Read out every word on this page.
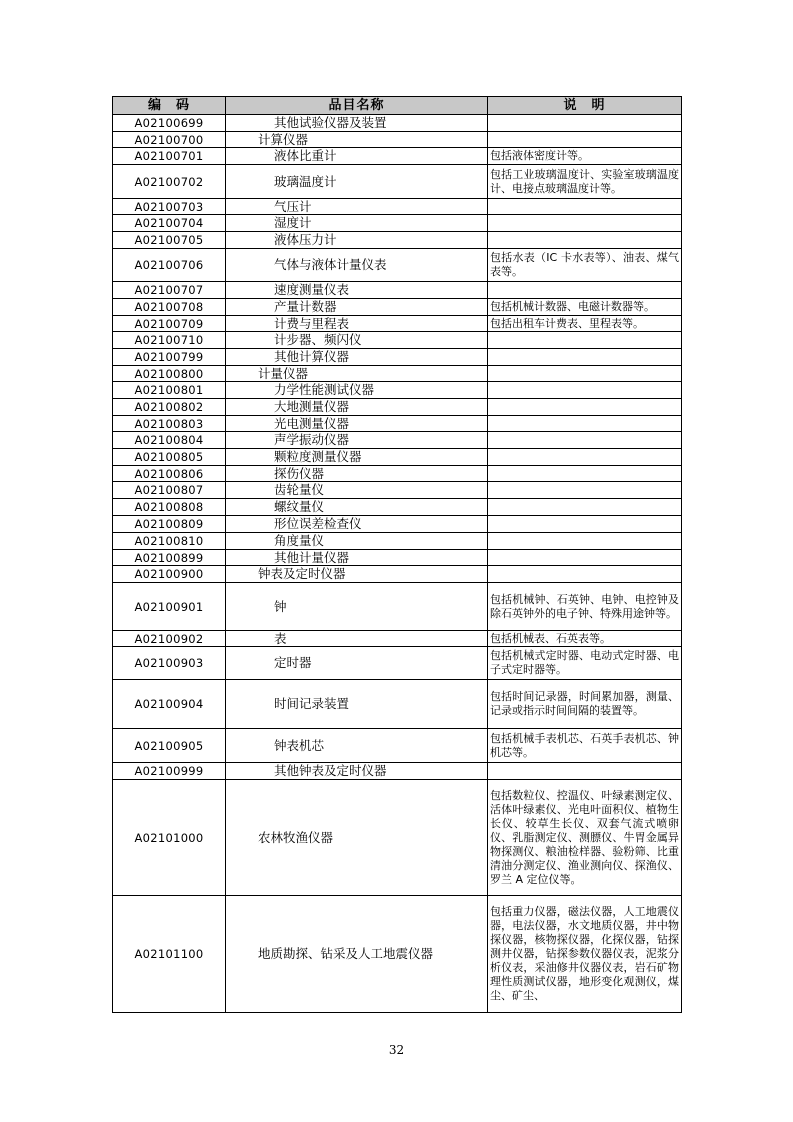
编　码	品目名称	说　明
A02100699	其他试验仪器及装置	
A02100700	计算仪器	
A02100701	液体比重计	包括液体密度计等。
A02100702	玻璃温度计	包括工业玻璃温度计、实验室玻璃温度计、电接点玻璃温度计等。
A02100703	气压计	
A02100704	湿度计	
A02100705	液体压力计	
A02100706	气体与液体计量仪表	包括水表（IC 卡水表等）、油表、煤气表等。
A02100707	速度测量仪表	
A02100708	产量计数器	包括机械计数器、电磁计数器等。
A02100709	计费与里程表	包括出租车计费表、里程表等。
A02100710	计步器、频闪仪	
A02100799	其他计算仪器	
A02100800	计量仪器	
A02100801	力学性能测试仪器	
A02100802	大地测量仪器	
A02100803	光电测量仪器	
A02100804	声学振动仪器	
A02100805	颗粒度测量仪器	
A02100806	探伤仪器	
A02100807	齿轮量仪	
A02100808	螺纹量仪	
A02100809	形位误差检查仪	
A02100810	角度量仪	
A02100899	其他计量仪器	
A02100900	钟表及定时仪器	
A02100901	钟	包括机械钟、石英钟、电钟、电控钟及除石英钟外的电子钟、特殊用途钟等。
A02100902	表	包括机械表、石英表等。
A02100903	定时器	包括机械式定时器、电动式定时器、电子式定时器等。
A02100904	时间记录装置	包括时间记录器，时间累加器，测量、记录或指示时间间隔的装置等。
A02100905	钟表机芯	包括机械手表机芯、石英手表机芯、钟机芯等。
A02100999	其他钟表及定时仪器	
A02101000	农林牧渔仪器	包括数粒仪、控温仪、叶绿素测定仪、活体叶绿素仪、光电叶面积仪、植物生长仪、较草生长仪、双套气流式喷卵仪、乳脂测定仪、测膘仪、牛胃金属异物探测仪、粮油检样器、验粉筛、比重清油分测定仪、渔业测向仪、探渔仪、罗兰 A 定位仪等。
A02101100	地质勘探、钻采及人工地震仪器	包括重力仪器，磁法仪器，人工地震仪器，电法仪器，水文地质仪器，井中物探仪器，核物探仪器，化探仪器，钻探测井仪器，钻探参数仪器仪表，泥浆分析仪表，采油修井仪器仪表，岩石矿物理性质测试仪器，地形变化观测仪，煤尘、矿尘、
32
